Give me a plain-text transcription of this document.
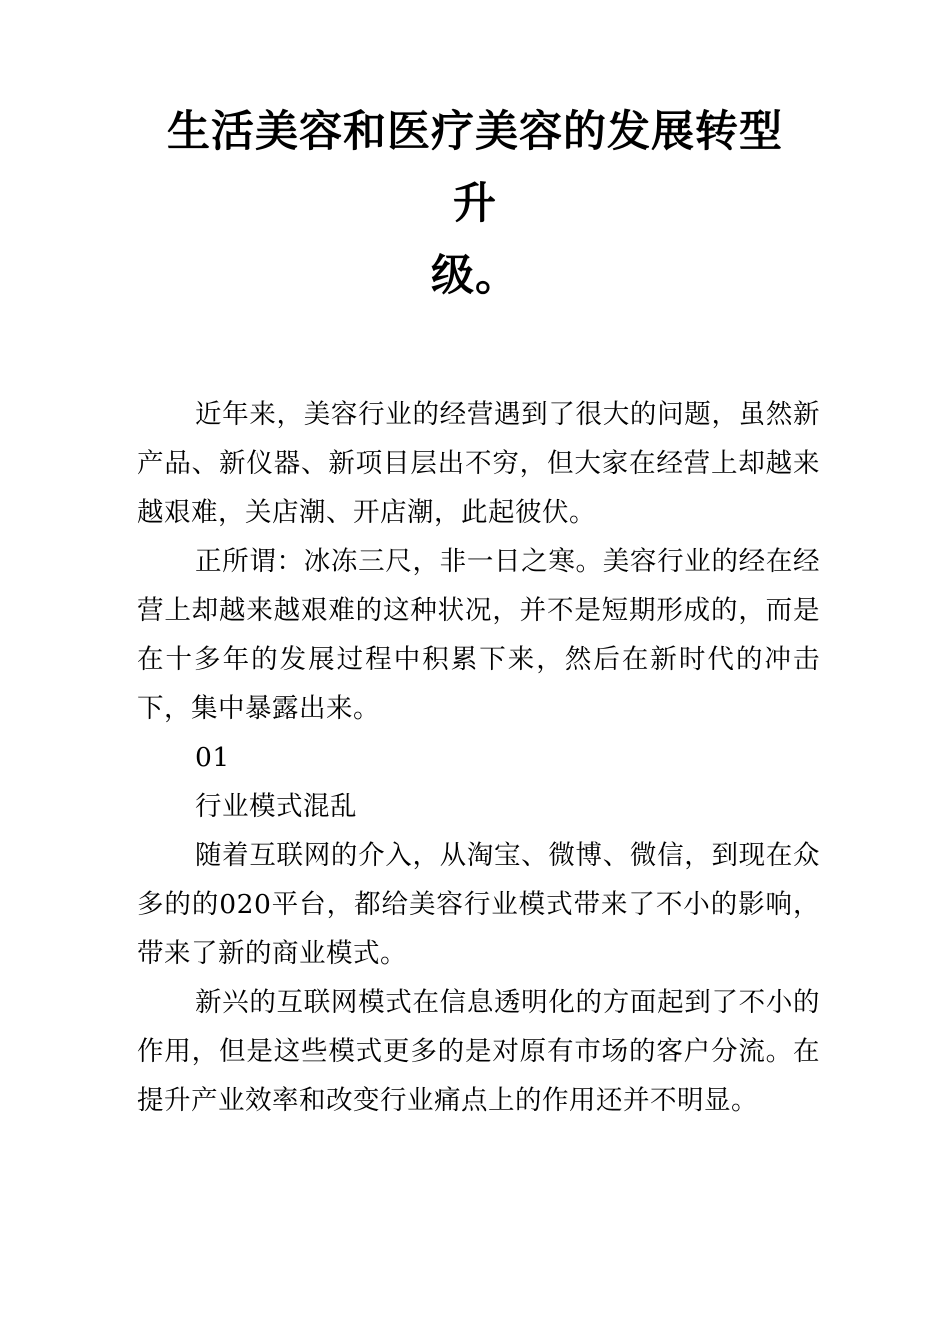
生活美容和医疗美容的发展转型
升
级。

近年来，美容行业的经营遇到了很大的问题，虽然新产品、新仪器、新项目层出不穷，但大家在经营上却越来越艰难，关店潮、开店潮，此起彼伏。

正所谓：冰冻三尺，非一日之寒。美容行业的经在经营上却越来越艰难的这种状况，并不是短期形成的，而是在十多年的发展过程中积累下来，然后在新时代的冲击下，集中暴露出来。

01

行业模式混乱

随着互联网的介入，从淘宝、微博、微信，到现在众多的的020平台，都给美容行业模式带来了不小的影响，带来了新的商业模式。

新兴的互联网模式在信息透明化的方面起到了不小的作用，但是这些模式更多的是对原有市场的客户分流。在提升产业效率和改变行业痛点上的作用还并不明显。
